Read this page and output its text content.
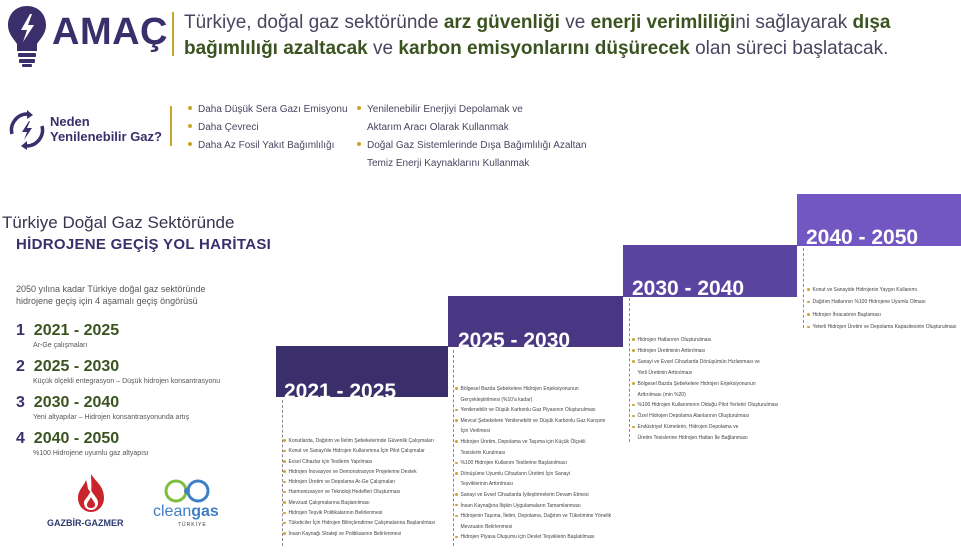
AMAÇ Türkiye, doğal gaz sektöründe arz güvenliği ve enerji verimliliğini sağlayarak dışa bağımlılığı azaltacak ve karbon emisyonlarını düşürecek olan süreci başlatacak.
Neden
Yenilenebilir Gaz?
Daha Düşük Sera Gazı Emisyonu
Daha Çevreci
Daha Az Fosil Yakıt Bağımlılığı
Yenilenebilir Enerjiyi Depolamak ve
Aktarım Aracı Olarak Kullanmak
Doğal Gaz Sistemlerinde Dışa Bağımlılığı Azaltan
Temiz Enerji Kaynaklarını Kullanmak
Türkiye Doğal Gaz Sektöründe
HİDROJENE GEÇİŞ YOL HARİTASI
2050 yılına kadar Türkiye doğal gaz sektöründe
hidrojene geçiş için 4 aşamalı geçiş öngörüsü
1 2021 - 2025
Ar-Ge çalışmaları
2 2025 - 2030
Küçük ölçekli entegrasyon – Düşük hidrojen konsantrasyonu
3 2030 - 2040
Yeni altyapılar – Hidrojen konsantrasyonunda artış
4 2040 - 2050
%100 Hidrojene uyumlu gaz altyapısı
2021 - 2025
2025 - 2030
2030 - 2040
2040 - 2050
Konutlarda, Dağıtım ve İletim Şebekelerinde Güvenlik Çalışmaları
Konut ve Sanayi'de Hidrojen Kullanımına İçin Pilot Çalışmalar
Evsel Cihazlar için Testlerin Yapılması
Hidrojen İnovasyon ve Demonstrasyon Projelerine Destek
Hidrojen Üretim ve Depolama Ar-Ge Çalışmaları
Harmonizasyon ve Teknoloji Hedefleri Oluşturması
Mevzuat Çalışmalarına Başlanılması
Hidrojen Teşvik Politikalarının Belirlenmesi
Tüketiciler İçin Hidrojen Bilinçlendirme Çalışmalarına Başlanılması
İnsan Kaynağı Strateji ve Politikasının Belirlenmesi
Bölgesel Bazda Şebekelere Hidrojen Enjeksiyonunun
Gerçekleştirilmesi (%10'a kadar)
Yenilenebilir ve Düşük Karbonlu Gaz Piyasının Oluşturulması
Mevcut Şebekelere Yenilenebilir ve Düşük Karbonlu Gaz Karışımı
İçin Verilmesi
Hidrojen Üretim, Depolama ve Taşıma için Küçük Ölçekli
Tesislerin Kurulması
%100 Hidrojen Kullanım Testlerine Başlanılması
Dönüşüme Uyumlu Cihazların Üretimi İçin Sanayi
Teşviklerinin Arttırılması
Sanayi ve Evsel Cihazlarda İyileştirmelerin Devam Etmesi
İnsan Kaynağına İlişkin Uygulamaların Tamamlanması
Hidrojenin Taşıma, İletim, Depolama, Dağıtım ve Tüketimine Yönelik
Mevzuatın Belirlenmesi
Hidrojen Piyasa Oluşumu için Devlet Teşviklerin Başlatılması
Hidrojen Hatlarının Oluşturulması
Hidrojen Üretiminin Arttırılması
Sanayi ve Evsel Cihazlarda Dönüşümün Hızlanması ve
Yerli Üretimin Arttırılması
Bölgesel Bazda Şebekelere Hidrojen Enjeksiyonunun
Arttırılması (min %20)
%100 Hidrojen Kullanımının Olduğu Pilot Yerlerin Oluşturulması
Özel Hidrojen Depolama Alanlarının Oluşturulması
Endüstriyel Kümelerin, Hidrojen Depolama ve
Üretim Tesislerine Hidrojen Hatları İle Bağlanması
Konut ve Sanayide Hidrojenin Yaygın Kullanımı
Dağıtım Hatlarının %100 Hidrojene Uyumlu Olması
Hidrojen İhracatının Başlaması
Yeterli Hidrojen Üretim ve Depolama Kapasitesinin Oluşturulması
GAZBİR-GAZMER
cleangas
TÜRKİYE
